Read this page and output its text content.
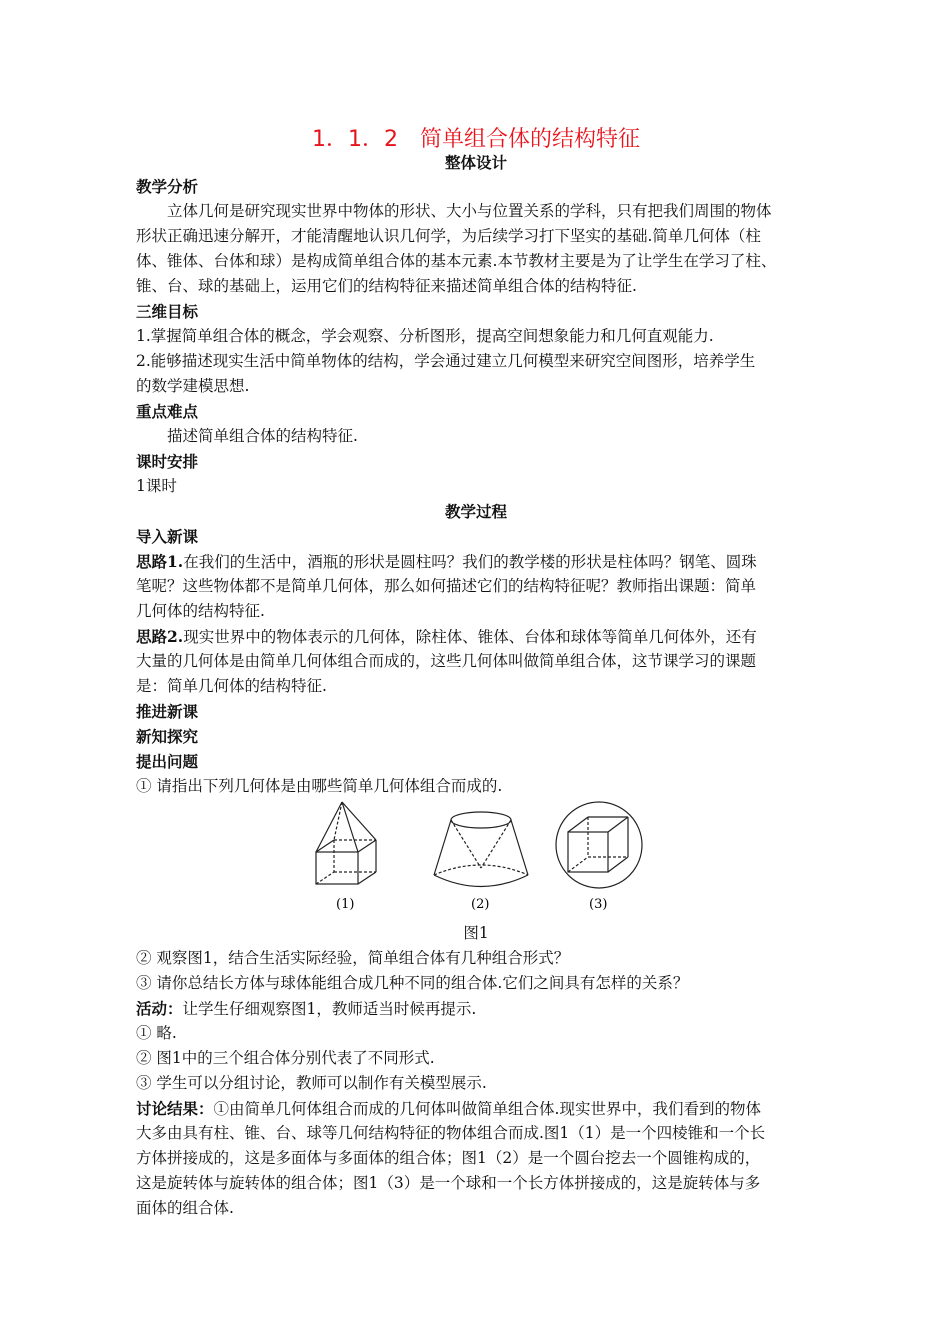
1．1．2　简单组合体的结构特征
整体设计
教学分析
立体几何是研究现实世界中物体的形状、大小与位置关系的学科，只有把我们周围的物体
形状正确迅速分解开，才能清醒地认识几何学，为后续学习打下坚实的基础.简单几何体（柱
体、锥体、台体和球）是构成简单组合体的基本元素.本节教材主要是为了让学生在学习了柱、
锥、台、球的基础上，运用它们的结构特征来描述简单组合体的结构特征.
三维目标
1.掌握简单组合体的概念，学会观察、分析图形，提高空间想象能力和几何直观能力.
2.能够描述现实生活中简单物体的结构，学会通过建立几何模型来研究空间图形，培养学生
的数学建模思想.
重点难点
描述简单组合体的结构特征.
课时安排
1课时
教学过程
导入新课
思路1.在我们的生活中，酒瓶的形状是圆柱吗？我们的教学楼的形状是柱体吗？钢笔、圆珠
笔呢？这些物体都不是简单几何体，那么如何描述它们的结构特征呢？教师指出课题：简单
几何体的结构特征.
思路2.现实世界中的物体表示的几何体，除柱体、锥体、台体和球体等简单几何体外，还有
大量的几何体是由简单几何体组合而成的，这些几何体叫做简单组合体，这节课学习的课题
是：简单几何体的结构特征.
推进新课
新知探究
提出问题
① 请指出下列几何体是由哪些简单几何体组合而成的.
(1)	(2)	(3)
图1
② 观察图1，结合生活实际经验，简单组合体有几种组合形式？
③ 请你总结长方体与球体能组合成几种不同的组合体.它们之间具有怎样的关系？
活动：让学生仔细观察图1，教师适当时候再提示.
① 略.
② 图1中的三个组合体分别代表了不同形式.
③ 学生可以分组讨论，教师可以制作有关模型展示.
讨论结果：①由简单几何体组合而成的几何体叫做简单组合体.现实世界中，我们看到的物体
大多由具有柱、锥、台、球等几何结构特征的物体组合而成.图1（1）是一个四棱锥和一个长
方体拼接成的，这是多面体与多面体的组合体；图1（2）是一个圆台挖去一个圆锥构成的，
这是旋转体与旋转体的组合体；图1（3）是一个球和一个长方体拼接成的，这是旋转体与多
面体的组合体.
